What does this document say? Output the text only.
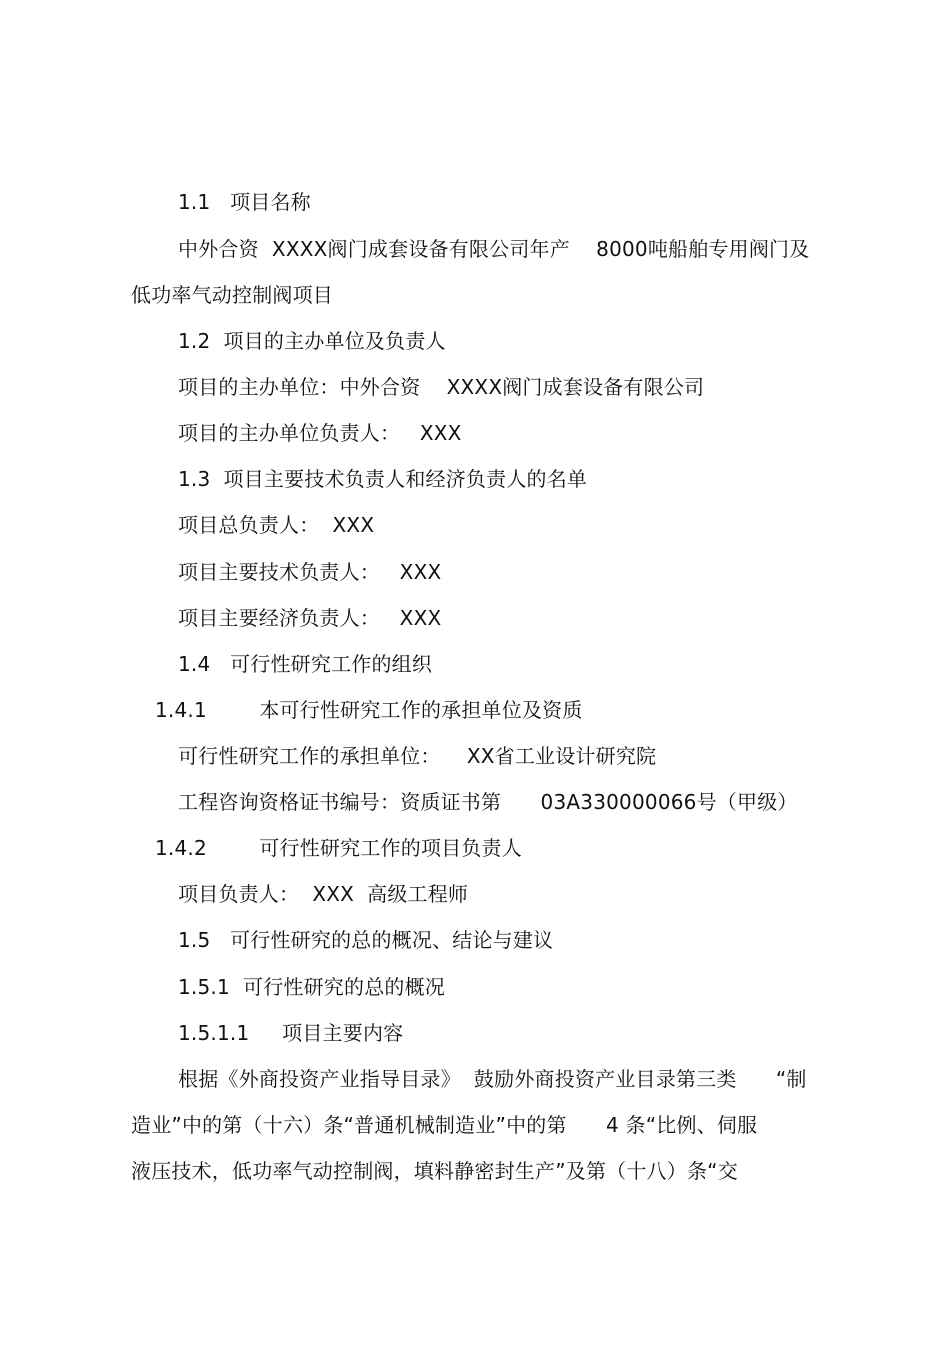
1.1   项目名称
中外合资  XXXX阀门成套设备有限公司年产    8000吨船舶专用阀门及
低功率气动控制阀项目
1.2  项目的主办单位及负责人
项目的主办单位：中外合资    XXXX阀门成套设备有限公司
项目的主办单位负责人：   XXX
1.3  项目主要技术负责人和经济负责人的名单
项目总负责人：  XXX
项目主要技术负责人：   XXX
项目主要经济负责人：   XXX
1.4   可行性研究工作的组织
1.4.1        本可行性研究工作的承担单位及资质
可行性研究工作的承担单位：    XX省工业设计研究院
工程咨询资格证书编号：资质证书第      03A330000066号（甲级）
1.4.2        可行性研究工作的项目负责人
项目负责人：  XXX  高级工程师
1.5   可行性研究的总的概况、结论与建议
1.5.1  可行性研究的总的概况
1.5.1.1     项目主要内容
根据《外商投资产业指导目录》  鼓励外商投资产业目录第三类      “制
造业”中的第（十六）条“普通机械制造业”中的第      4 条“比例、伺服
液压技术，低功率气动控制阀，填料静密封生产”及第（十八）条“交
